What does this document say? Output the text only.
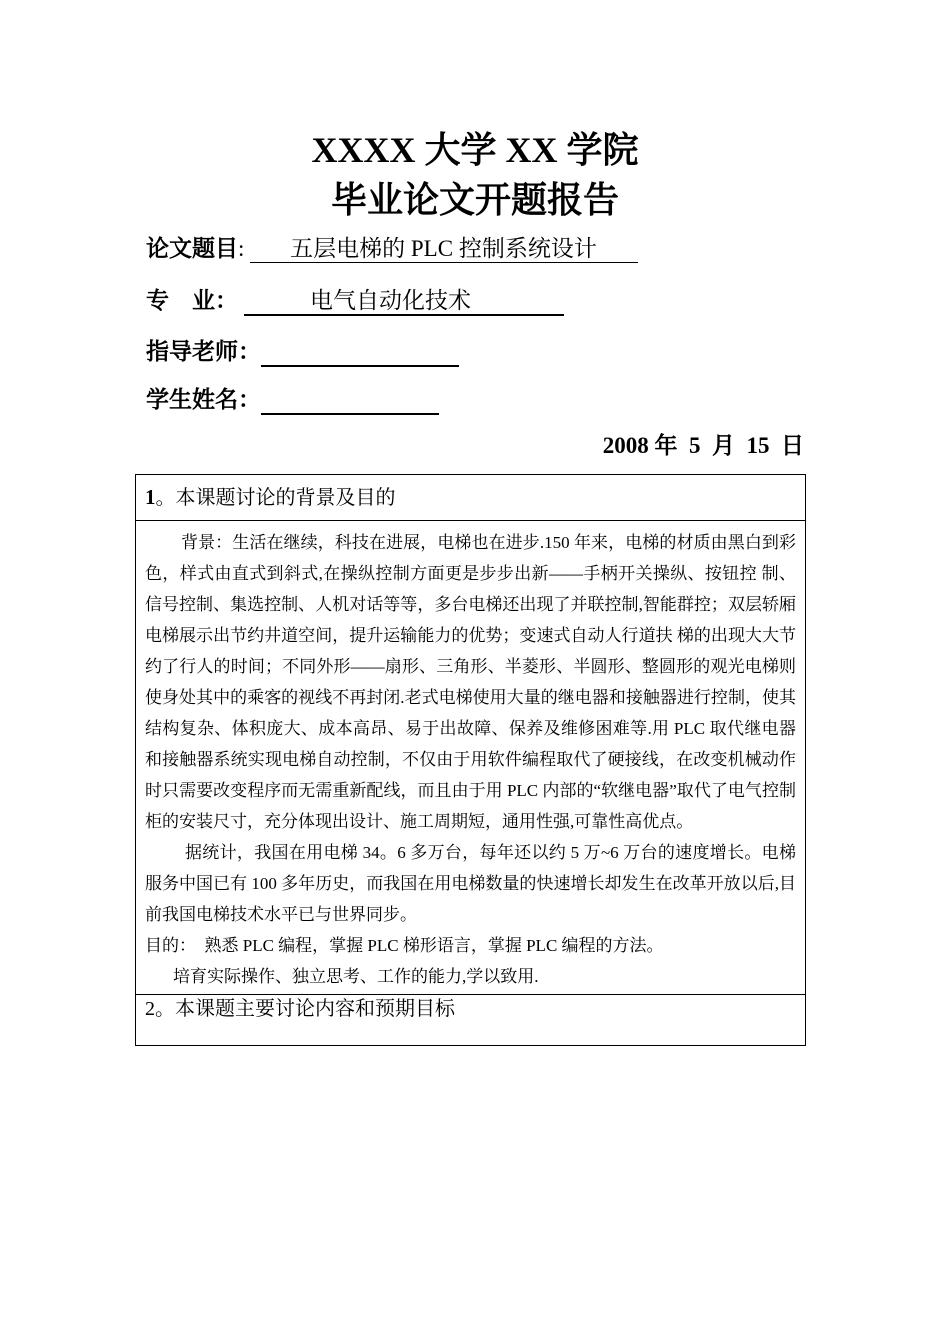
XXXX 大学 XX 学院
毕业论文开题报告
论文题目: 五层电梯的 PLC 控制系统设计
专    业：	电气自动化技术
指导老师：
学生姓名：
2008 年  5  月  15  日
1。本课题讨论的背景及目的

背景：生活在继续，科技在进展，电梯也在进步.150 年来，电梯的材质由黑白到彩色，样式由直式到斜式,在操纵控制方面更是步步出新——手柄开关操纵、按钮控 制、信号控制、集选控制、人机对话等等，多台电梯还出现了并联控制,智能群控；双层轿厢电梯展示出节约井道空间，提升运输能力的优势；变速式自动人行道扶 梯的出现大大节约了行人的时间；不同外形——扇形、三角形、半菱形、半圆形、整圆形的观光电梯则使身处其中的乘客的视线不再封闭.老式电梯使用大量的继电器和接触器进行控制，使其结构复杂、体积庞大、成本高昂、易于出故障、保养及维修困难等.用 PLC 取代继电器和接触器系统实现电梯自动控制，不仅由于用软件编程取代了硬接线，在改变机械动作时只需要改变程序而无需重新配线，而且由于用 PLC 内部的“软继电器”取代了电气控制柜的安装尺寸，充分体现出设计、施工周期短，通用性强,可靠性高优点。

据统计，我国在用电梯 34。6 多万台，每年还以约 5 万~6 万台的速度增长。电梯服务中国已有 100 多年历史，而我国在用电梯数量的快速增长却发生在改革开放以后,目前我国电梯技术水平已与世界同步。

目的：  熟悉 PLC 编程，掌握 PLC 梯形语言，掌握 PLC 编程的方法。

培育实际操作、独立思考、工作的能力,学以致用.

2。本课题主要讨论内容和预期目标
